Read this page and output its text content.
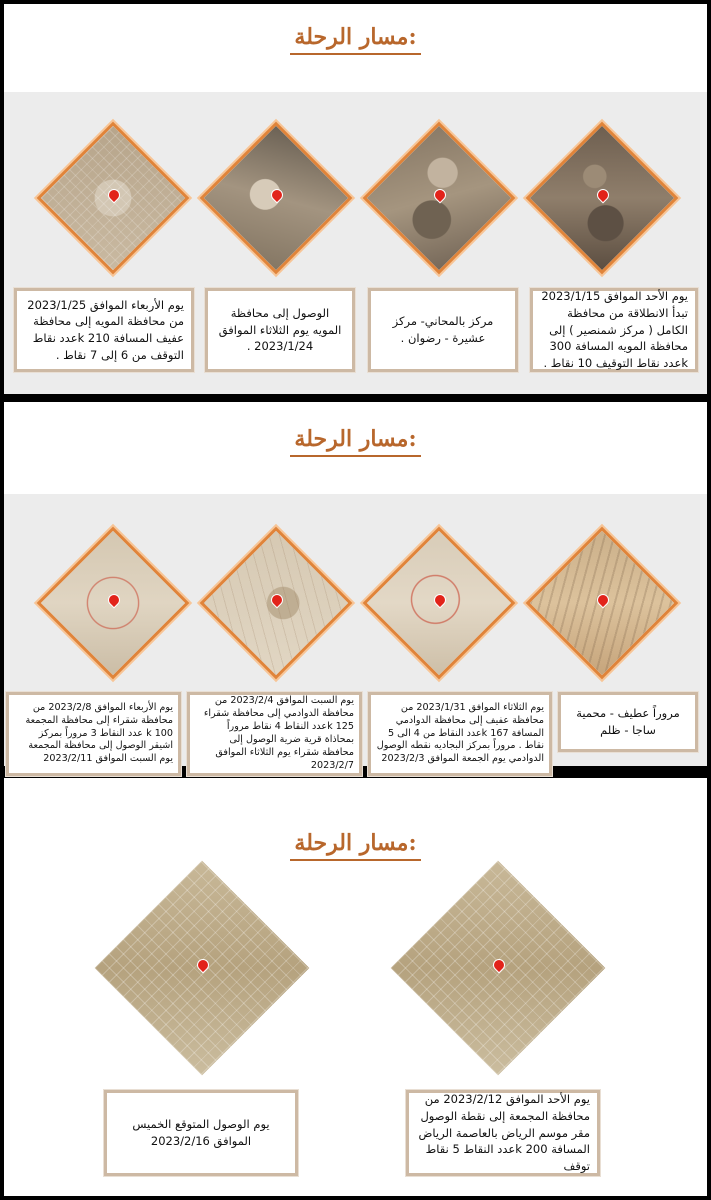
مسار الرحلة:

يوم الأحد الموافق 2023/1/15 تبدأ الانطلاقة من محافظة الكامل ( مركز شمنصير ) إلى محافظة المويه المسافة 300 kعدد نقاط التوقيف 10 نقاط .

مركز بالمحاني- مركز عشيرة - رضوان .

الوصول إلى محافظة المويه يوم الثلاثاء الموافق 2023/1/24 .

يوم الأربعاء الموافق 2023/1/25 من محافظة المويه إلى محافظة عفيف المسافة 210 kعدد نقاط التوقف من 6 إلى 7 نقاط .

مسار الرحلة:

مروراً عطيف - محمية ساجا - ظلم

يوم الثلاثاء الموافق 2023/1/31 من محافظة عفيف إلى محافظة الدوادمي المسافة 167 kعدد النقاط من 4 الى 5 نقاط . مروراً بمركز البجاديه نقطه الوصول الدوادمي يوم الجمعة الموافق 2023/2/3

يوم السبت الموافق 2023/2/4 من محافظة الدوادمي إلى محافظة شقراء 125 kعدد النقاط 4 نقاط مروراً بمحاذاة قرية ضرية الوصول إلى محافظة شقراء يوم الثلاثاء الموافق 2023/2/7

يوم الأربعاء الموافق 2023/2/8 من محافظة شقراء إلى محافظة المجمعة 100 k عدد النقاط 3 مروراً بمركز اشيقر الوصول إلى محافظة المجمعة يوم السبت الموافق 2023/2/11

مسار الرحلة:

يوم الأحد الموافق 2023/2/12 من محافظة المجمعة إلى نقطة الوصول مقر موسم الرياض بالعاصمة الرياض المسافة 200 kعدد النقاط 5 نقاط توقف

يوم الوصول المتوقع الخميس الموافق 2023/2/16
